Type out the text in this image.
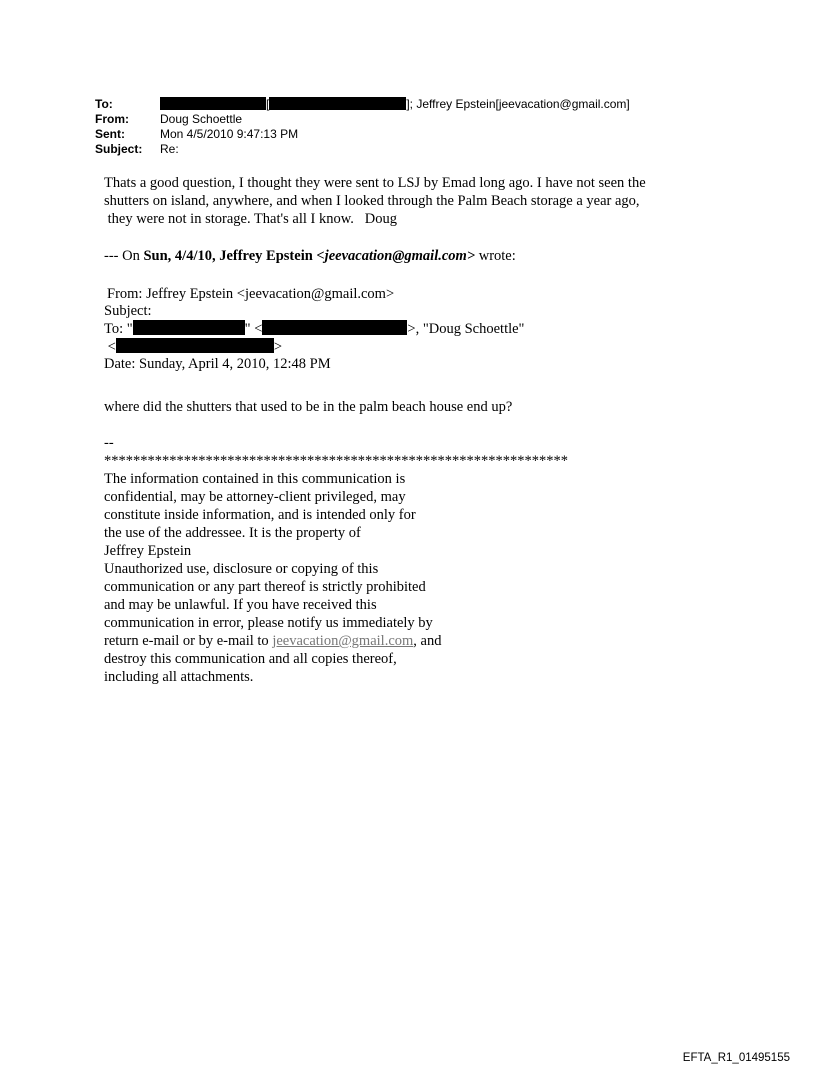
To:	[	]; Jeffrey Epstein[jeevacation@gmail.com]
From:	Doug Schoettle
Sent:	Mon 4/5/2010 9:47:13 PM
Subject: Re:
Thats a good question, I thought they were sent to LSJ by Emad long ago. I have not seen the
shutters on island, anywhere, and when I looked through the Palm Beach storage a year ago,
they were not in storage. That's all I know.   Doug
--- On Sun, 4/4/10, Jeffrey Epstein <jeevacation@gmail.com> wrote:
From: Jeffrey Epstein <jeevacation@gmail.com>
Subject:
To: "	" <	>, "Doug Schoettle"
<	>
Date: Sunday, April 4, 2010, 12:48 PM
where did the shutters that used to be in the palm beach house end up?
--
****************************************************************
The information contained in this communication is
confidential, may be attorney-client privileged, may
constitute inside information, and is intended only for
the use of the addressee. It is the property of
Jeffrey Epstein
Unauthorized use, disclosure or copying of this
communication or any part thereof is strictly prohibited
and may be unlawful. If you have received this
communication in error, please notify us immediately by
return e-mail or by e-mail to jeevacation@gmail.com, and
destroy this communication and all copies thereof,
including all attachments.
EFTA_R1_01495155
